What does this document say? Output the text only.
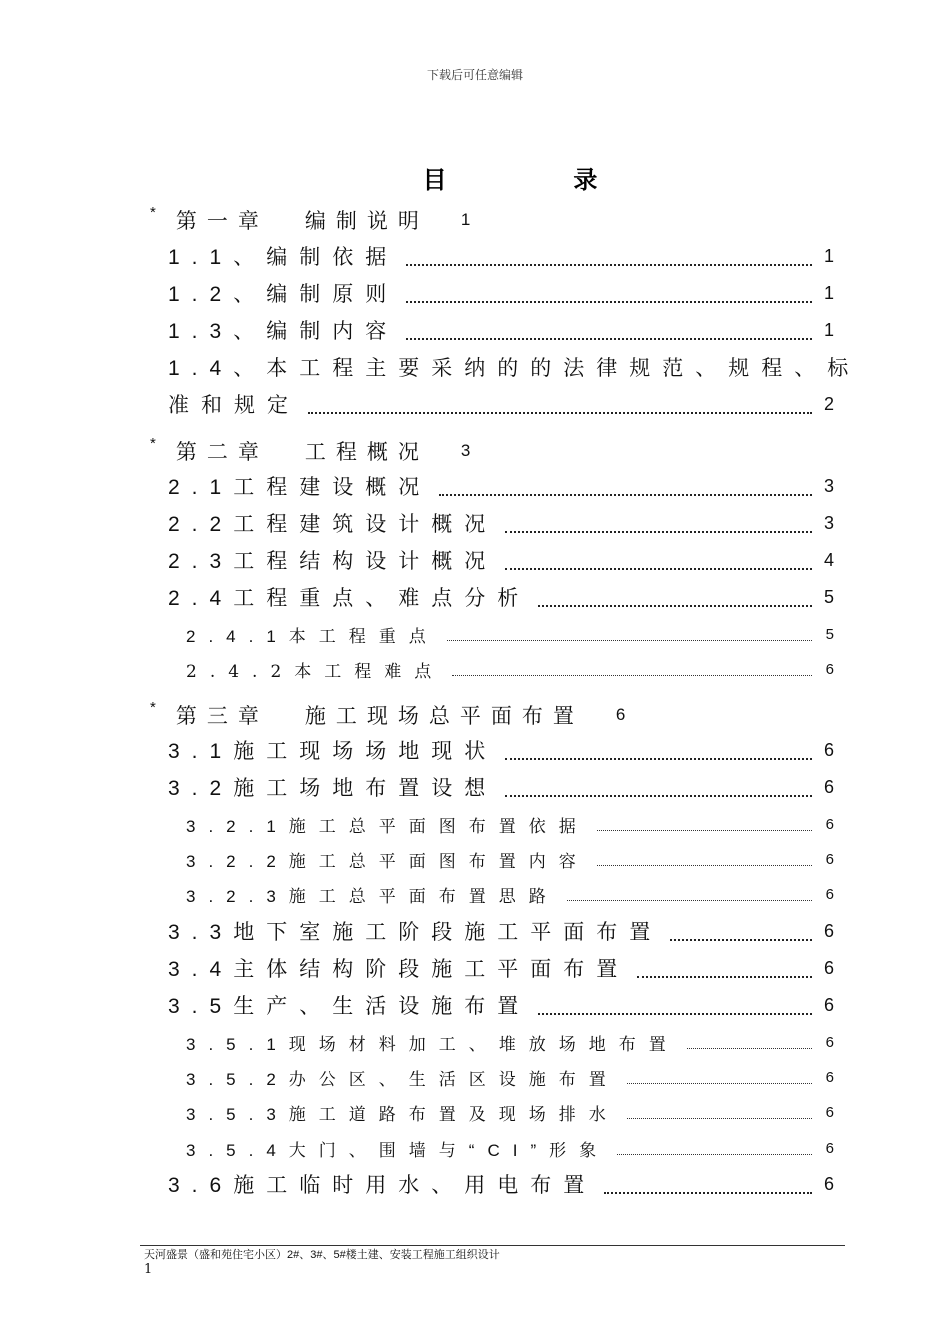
下载后可任意编辑
目 录
* 第一章 编制说明 1
1.1、编制依据	1
1.2、编制原则	1
1.3、编制内容	1
1.4、本工程主要采纳的的法律规范、规程、标
准和规定	2
* 第二章 工程概况 3
2.1工程建设概况	3
2.2工程建筑设计概况	3
2.3工程结构设计概况	4
2.4工程重点、难点分析	5
2.4.1本工程重点	5
2.4.2本工程难点	6
* 第三章 施工现场总平面布置 6
3.1施工现场场地现状	6
3.2施工场地布置设想	6
3.2.1施工总平面图布置依据	6
3.2.2施工总平面图布置内容	6
3.2.3施工总平面布置思路	6
3.3地下室施工阶段施工平面布置	6
3.4主体结构阶段施工平面布置	6
3.5生产、生活设施布置	6
3.5.1现场材料加工、堆放场地布置	6
3.5.2办公区、生活区设施布置	6
3.5.3施工道路布置及现场排水	6
3.5.4大门、围墙与“CI”形象	6
3.6施工临时用水、用电布置	6
天河盛景（盛和苑住宅小区）2#、3#、5#楼土建、安装工程施工组织设计
1
